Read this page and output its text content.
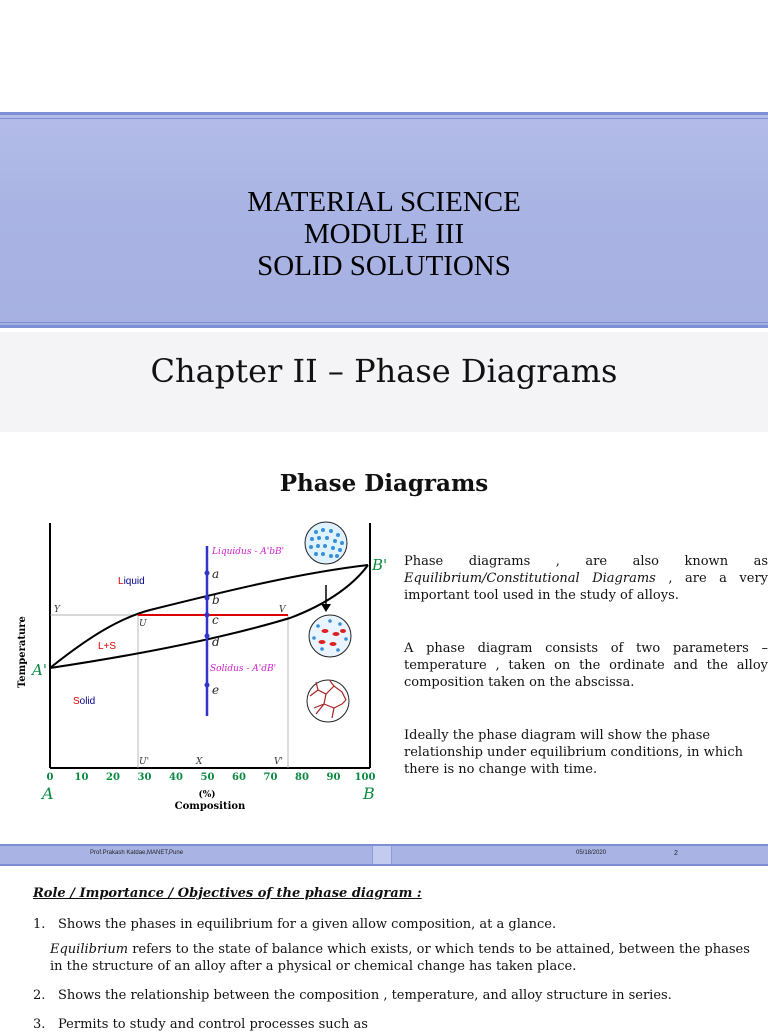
MATERIAL SCIENCE
MODULE III
SOLID SOLUTIONS
Chapter II – Phase Diagrams
Phase Diagrams
a
b
c
d
e
Liquidus - A'bB'
Solidus - A'dB'
Liquid
L+S
Solid
A'
B'
Y
U
V
U'	X	V'
Temperature
0 10 20 30 40 50 60 70 80 90 100
A	B
(%)
Composition

Phase diagrams , are also known as Equilibrium/Constitutional Diagrams , are a very important tool used in the study of alloys.

A phase diagram consists of two parameters – temperature , taken on the ordinate and the alloy composition taken on the abscissa.

Ideally the phase diagram will show the phase relationship under equilibrium conditions, in which there is no change with time.

Prof.Prakash Katdae,MANET,Pune	05/18/2020	2
Role / Importance / Objectives of the phase diagram :
1. Shows the phases in equilibrium for a given allow composition, at a glance.
Equilibrium refers to the state of balance which exists, or which tends to be attained, between the phases in the structure of an alloy after a physical or chemical change has taken place.
2. Shows the relationship between the composition , temperature, and alloy structure in series.
3. Permits to study and control processes such as
